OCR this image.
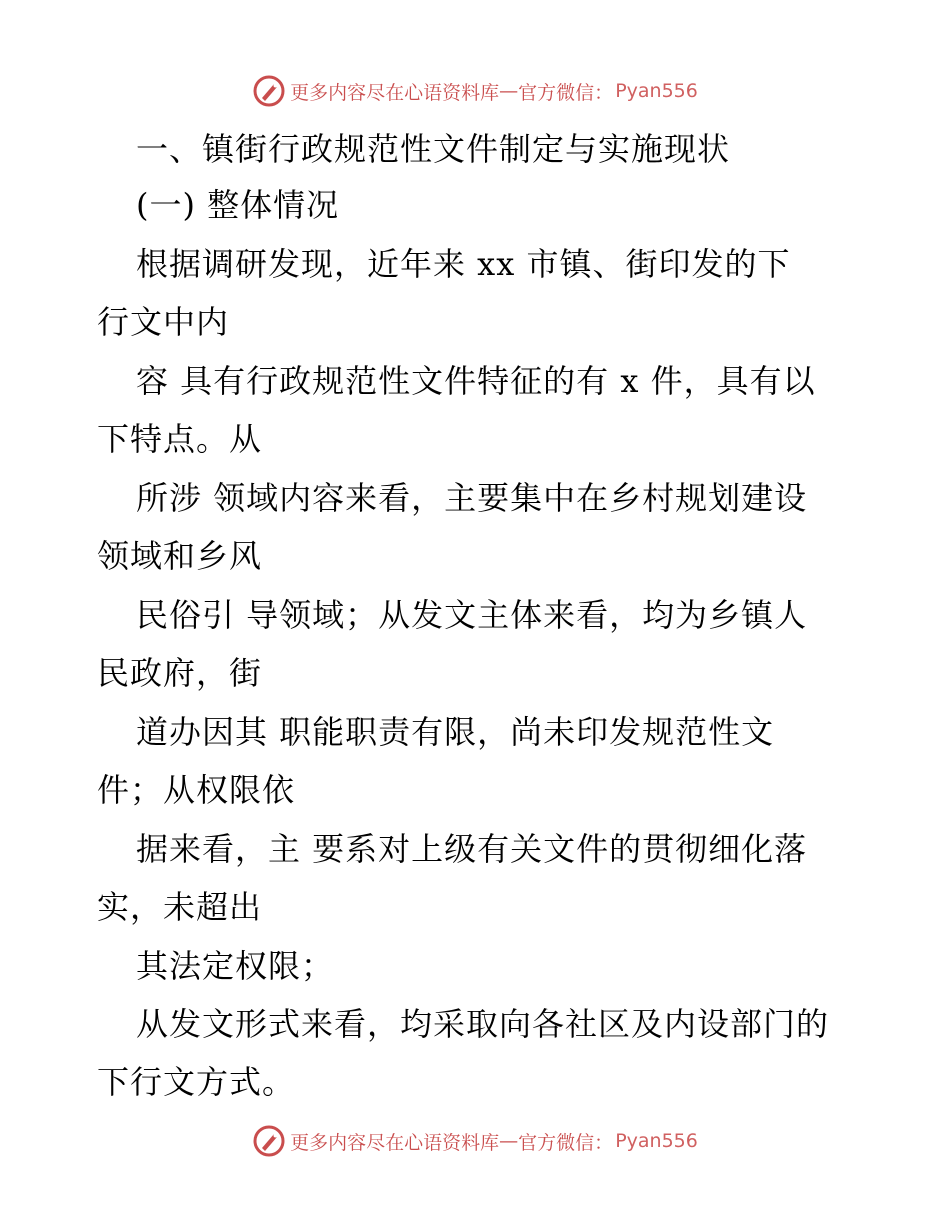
更多内容尽在心语资料库 — 官方微信： Pyan556
一、镇街行政规范性文件制定与实施现状
(一) 整体情况
根据调研发现，近年来 xx 市镇、街印发的下
行文中内
容 具有行政规范性文件特征的有 x 件，具有以
下特点。从
所涉 领域内容来看，主要集中在乡村规划建设
领域和乡风
民俗引 导领域；从发文主体来看，均为乡镇人
民政府，街
道办因其 职能职责有限，尚未印发规范性文
件；从权限依
据来看，主 要系对上级有关文件的贯彻细化落
实，未超出
其法定权限；
从发文形式来看，均采取向各社区及内设部门的
下行文方式。
更多内容尽在心语资料库 — 官方微信： Pyan556
